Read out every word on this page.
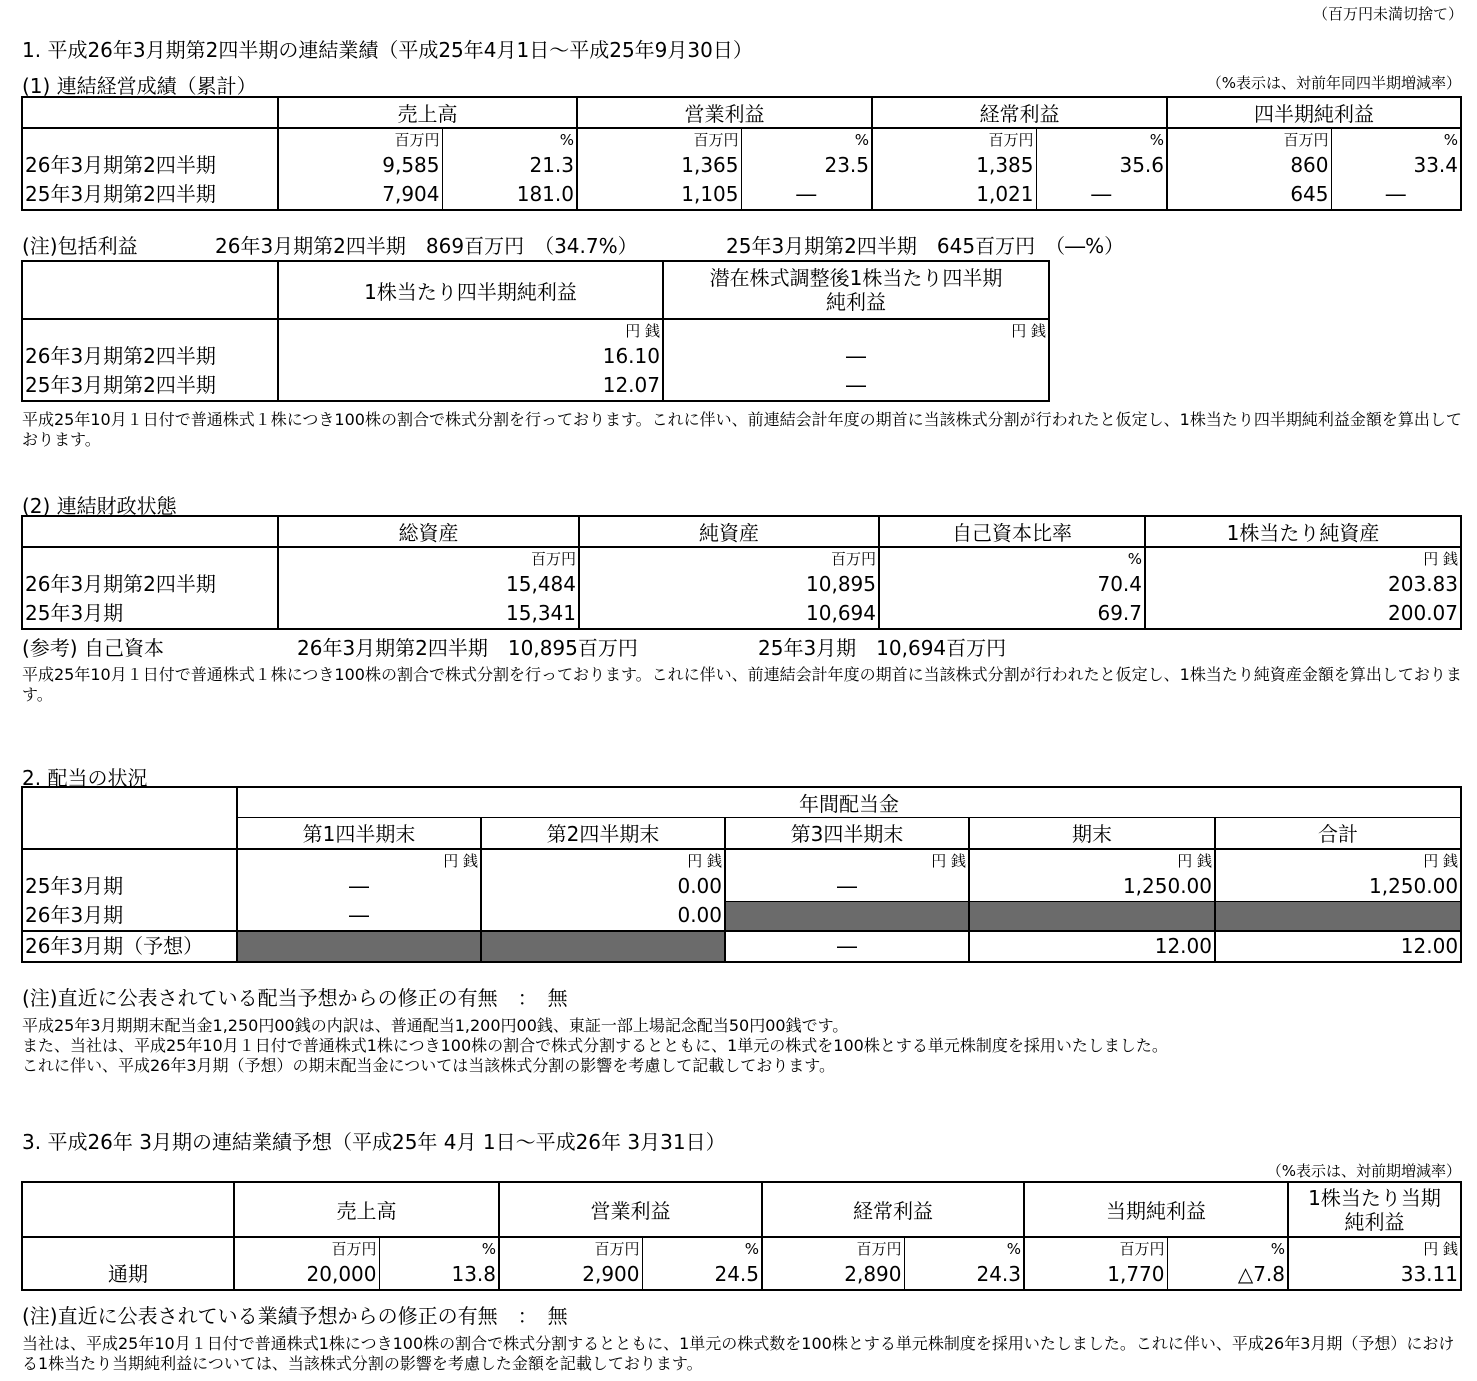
（百万円未満切捨て）
1. 平成26年3月期第2四半期の連結業績（平成25年4月1日～平成25年9月30日）
(1) 連結経営成績（累計）	（%表示は、対前年同四半期増減率）
	売上高		営業利益		経常利益		四半期純利益	
	百万円	%	百万円	%	百万円	%	百万円	%
26年3月期第2四半期	9,585	21.3	1,365	23.5	1,385	35.6	860	33.4
25年3月期第2四半期	7,904	181.0	1,105	―	1,021	―	645	―
(注)包括利益	26年3月期第2四半期　869百万円　（34.7%）	25年3月期第2四半期　645百万円　（―%）
	1株当たり四半期純利益	潜在株式調整後1株当たり四半期
純利益

	円 銭	円 銭
26年3月期第2四半期	16.10	―
25年3月期第2四半期	12.07	―
平成25年10月１日付で普通株式１株につき100株の割合で株式分割を行っております。これに伴い、前連結会計年度の期首に当該株式分割が行われたと仮定し、1株当たり四半期純利益金額を算出しております。
(2) 連結財政状態
	総資産	純資産	自己資本比率	1株当たり純資産
	百万円	百万円	%	円 銭
26年3月期第2四半期	15,484	10,895	70.4	203.83
25年3月期	15,341	10,694	69.7	200.07
(参考) 自己資本	26年3月期第2四半期　10,895百万円	25年3月期　10,694百万円
平成25年10月１日付で普通株式１株につき100株の割合で株式分割を行っております。これに伴い、前連結会計年度の期首に当該株式分割が行われたと仮定し、1株当たり純資産金額を算出しております。
2. 配当の状況
	年間配当金				
	第1四半期末	第2四半期末	第3四半期末	期末	合計
	円 銭	円 銭	円 銭	円 銭	円 銭
25年3月期	―	0.00	―	1,250.00	1,250.00
26年3月期	―	0.00			
26年3月期（予想）			―	12.00	12.00
(注)直近に公表されている配当予想からの修正の有無　：　無
平成25年3月期期末配当金1,250円00銭の内訳は、普通配当1,200円00銭、東証一部上場記念配当50円00銭です。
また、当社は、平成25年10月１日付で普通株式1株につき100株の割合で株式分割するとともに、1単元の株式を100株とする単元株制度を採用いたしました。
これに伴い、平成26年3月期（予想）の期末配当金については当該株式分割の影響を考慮して記載しております。
3. 平成26年 3月期の連結業績予想（平成25年 4月 1日～平成26年 3月31日）
（%表示は、対前期増減率）
	売上高		営業利益		経常利益		当期純利益		1株当たり当期
純利益

	百万円	%	百万円	%	百万円	%	百万円	%	円 銭
通期	20,000	13.8	2,900	24.5	2,890	24.3	1,770	△7.8	33.11
(注)直近に公表されている業績予想からの修正の有無　：　無
当社は、平成25年10月１日付で普通株式1株につき100株の割合で株式分割するとともに、1単元の株式数を100株とする単元株制度を採用いたしました。これに伴い、平成26年3月期（予想）における1株当たり当期純利益については、当該株式分割の影響を考慮した金額を記載しております。
